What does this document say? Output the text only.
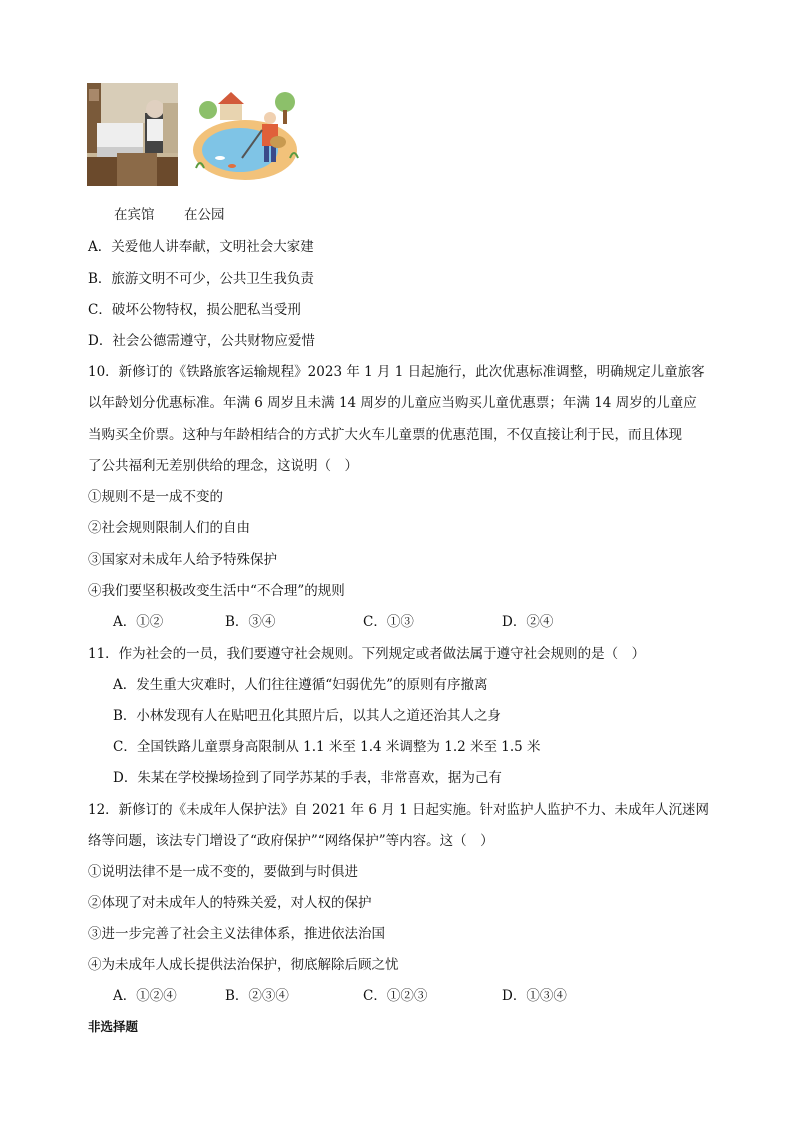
在宾馆 在公园
A．关爱他人讲奉献，文明社会大家建
B．旅游文明不可少，公共卫生我负责
C．破坏公物特权，损公肥私当受刑
D．社会公德需遵守，公共财物应爱惜
10．新修订的《铁路旅客运输规程》2023 年 1 月 1 日起施行，此次优惠标准调整，明确规定儿童旅客
以年龄划分优惠标准。年满 6 周岁且未满 14 周岁的儿童应当购买儿童优惠票；年满 14 周岁的儿童应
当购买全价票。这种与年龄相结合的方式扩大火车儿童票的优惠范围，不仅直接让利于民，而且体现
了公共福利无差别供给的理念，这说明（　）
①规则不是一成不变的
②社会规则限制人们的自由
③国家对未成年人给予特殊保护
④我们要坚积极改变生活中“不合理”的规则
A．①②	B．③④	C．①③	D．②④
11．作为社会的一员，我们要遵守社会规则。下列规定或者做法属于遵守社会规则的是（　）
A．发生重大灾难时，人们往往遵循“妇弱优先”的原则有序撤离
B．小林发现有人在贴吧丑化其照片后，以其人之道还治其人之身
C．全国铁路儿童票身高限制从 1.1 米至 1.4 米调整为 1.2 米至 1.5 米
D．朱某在学校操场捡到了同学苏某的手表，非常喜欢，据为己有
12．新修订的《未成年人保护法》自 2021 年 6 月 1 日起实施。针对监护人监护不力、未成年人沉迷网
络等问题，该法专门增设了“政府保护”“网络保护”等内容。这（　）
①说明法律不是一成不变的，要做到与时俱进
②体现了对未成年人的特殊关爱，对人权的保护
③进一步完善了社会主义法律体系，推进依法治国
④为未成年人成长提供法治保护，彻底解除后顾之忧
A．①②④	B．②③④	C．①②③	D．①③④
非选择题
